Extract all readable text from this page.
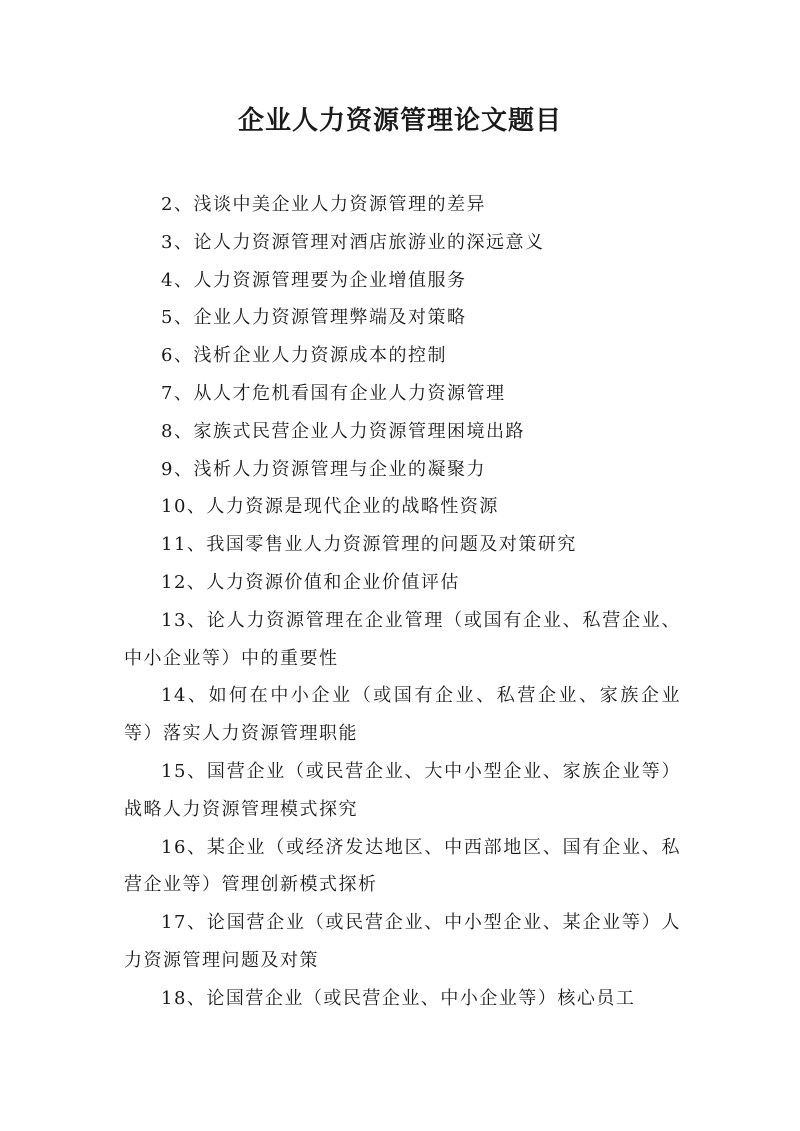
企业人力资源管理论文题目
2、浅谈中美企业人力资源管理的差异
3、论人力资源管理对酒店旅游业的深远意义
4、人力资源管理要为企业增值服务
5、企业人力资源管理弊端及对策略
6、浅析企业人力资源成本的控制
7、从人才危机看国有企业人力资源管理
8、家族式民营企业人力资源管理困境出路
9、浅析人力资源管理与企业的凝聚力
10、人力资源是现代企业的战略性资源
11、我国零售业人力资源管理的问题及对策研究
12、人力资源价值和企业价值评估
13、论人力资源管理在企业管理（或国有企业、私营企业、中小企业等）中的重要性
14、如何在中小企业（或国有企业、私营企业、家族企业等）落实人力资源管理职能
15、国营企业（或民营企业、大中小型企业、家族企业等）战略人力资源管理模式探究
16、某企业（或经济发达地区、中西部地区、国有企业、私营企业等）管理创新模式探析
17、论国营企业（或民营企业、中小型企业、某企业等）人力资源管理问题及对策
18、论国营企业（或民营企业、中小企业等）核心员工
